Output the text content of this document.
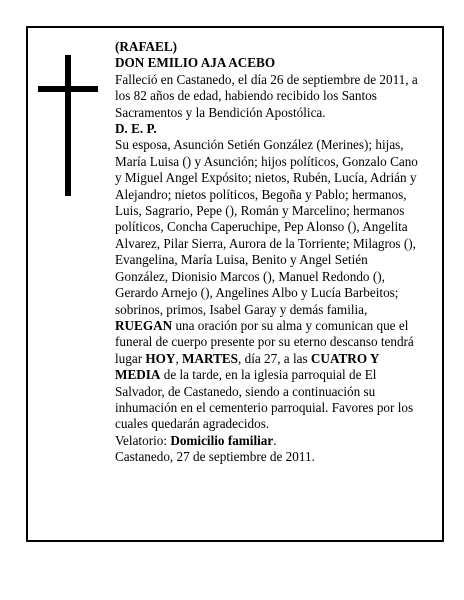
(RAFAEL)

DON EMILIO AJA ACEBO

Falleció en Castanedo, el día 26 de septiembre de 2011, a los 82 años de edad, habiendo recibido los Santos Sacramentos y la Bendición Apostólica.

D. E. P.

Su esposa, Asunción Setién González (Merines); hijas, María Luisa () y Asunción; hijos políticos, Gonzalo Cano y Miguel Angel Expósito; nietos, Rubén, Lucía, Adrián y Alejandro; nietos políticos, Begoña y Pablo; hermanos, Luis, Sagrario, Pepe (), Román y Marcelino; hermanos políticos, Concha Caperuchipe, Pep Alonso (), Angelita Alvarez, Pilar Sierra, Aurora de la Torriente; Milagros (), Evangelina, María Luisa, Benito y Angel Setién González, Dionisio Marcos (), Manuel Redondo (), Gerardo Arnejo (), Angelines Albo y Lucía Barbeitos; sobrinos, primos, Isabel Garay y demás familia,

RUEGAN una oración por su alma y comunican que el funeral de cuerpo presente por su eterno descanso tendrá lugar HOY, MARTES, día 27, a las CUATRO Y MEDIA de la tarde, en la iglesia parroquial de El Salvador, de Castanedo, siendo a continuación su inhumación en el cementerio parroquial. Favores por los cuales quedarán agradecidos.

Velatorio: Domicilio familiar.

Castanedo, 27 de septiembre de 2011.
